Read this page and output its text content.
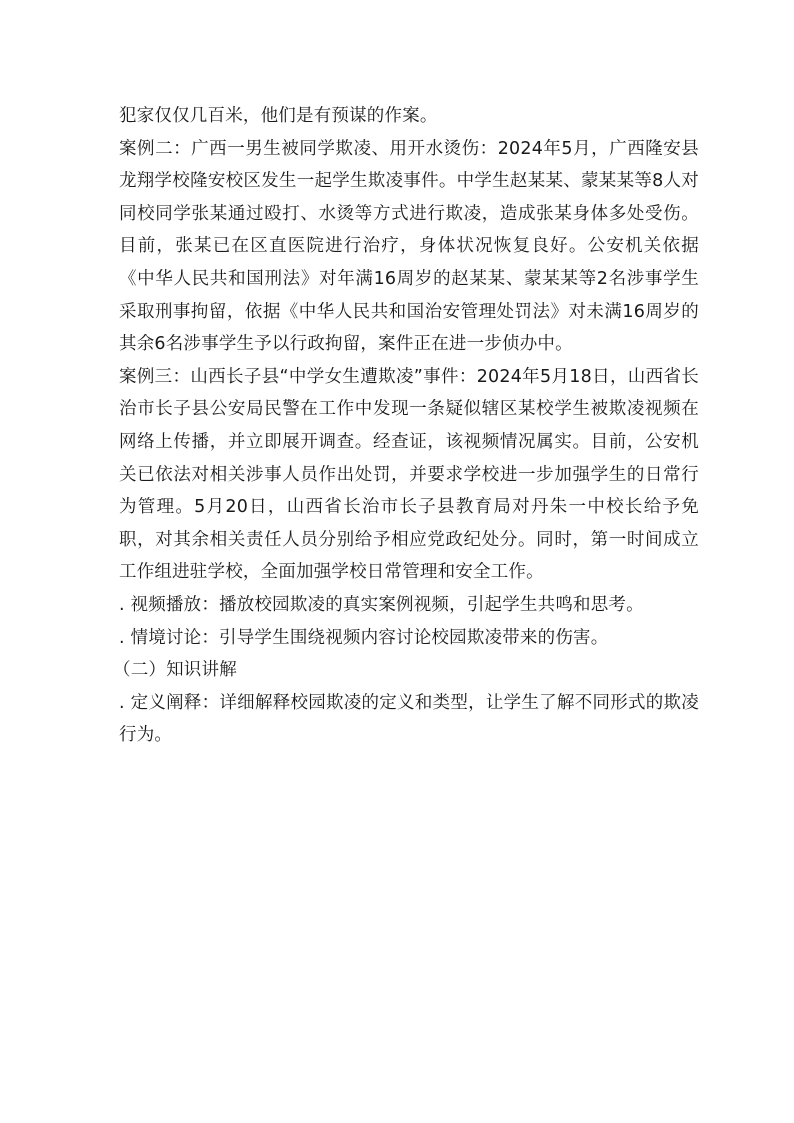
犯家仅仅几百米，他们是有预谋的作案。

案例二：广西一男生被同学欺凌、用开水烫伤：2024年5月，广西隆安县龙翔学校隆安校区发生一起学生欺凌事件。中学生赵某某、蒙某某等8人对同校同学张某通过殴打、水烫等方式进行欺凌，造成张某身体多处受伤。目前，张某已在区直医院进行治疗，身体状况恢复良好。公安机关依据《中华人民共和国刑法》对年满16周岁的赵某某、蒙某某等2名涉事学生采取刑事拘留，依据《中华人民共和国治安管理处罚法》对未满16周岁的其余6名涉事学生予以行政拘留，案件正在进一步侦办中。

案例三：山西长子县“中学女生遭欺凌”事件：2024年5月18日，山西省长治市长子县公安局民警在工作中发现一条疑似辖区某校学生被欺凌视频在网络上传播，并立即展开调查。经查证，该视频情况属实。目前，公安机关已依法对相关涉事人员作出处罚，并要求学校进一步加强学生的日常行为管理。5月20日，山西省长治市长子县教育局对丹朱一中校长给予免职，对其余相关责任人员分别给予相应党政纪处分。同时，第一时间成立工作组进驻学校，全面加强学校日常管理和安全工作。

. 视频播放：播放校园欺凌的真实案例视频，引起学生共鸣和思考。

. 情境讨论：引导学生围绕视频内容讨论校园欺凌带来的伤害。

（二）知识讲解

. 定义阐释：详细解释校园欺凌的定义和类型，让学生了解不同形式的欺凌行为。
